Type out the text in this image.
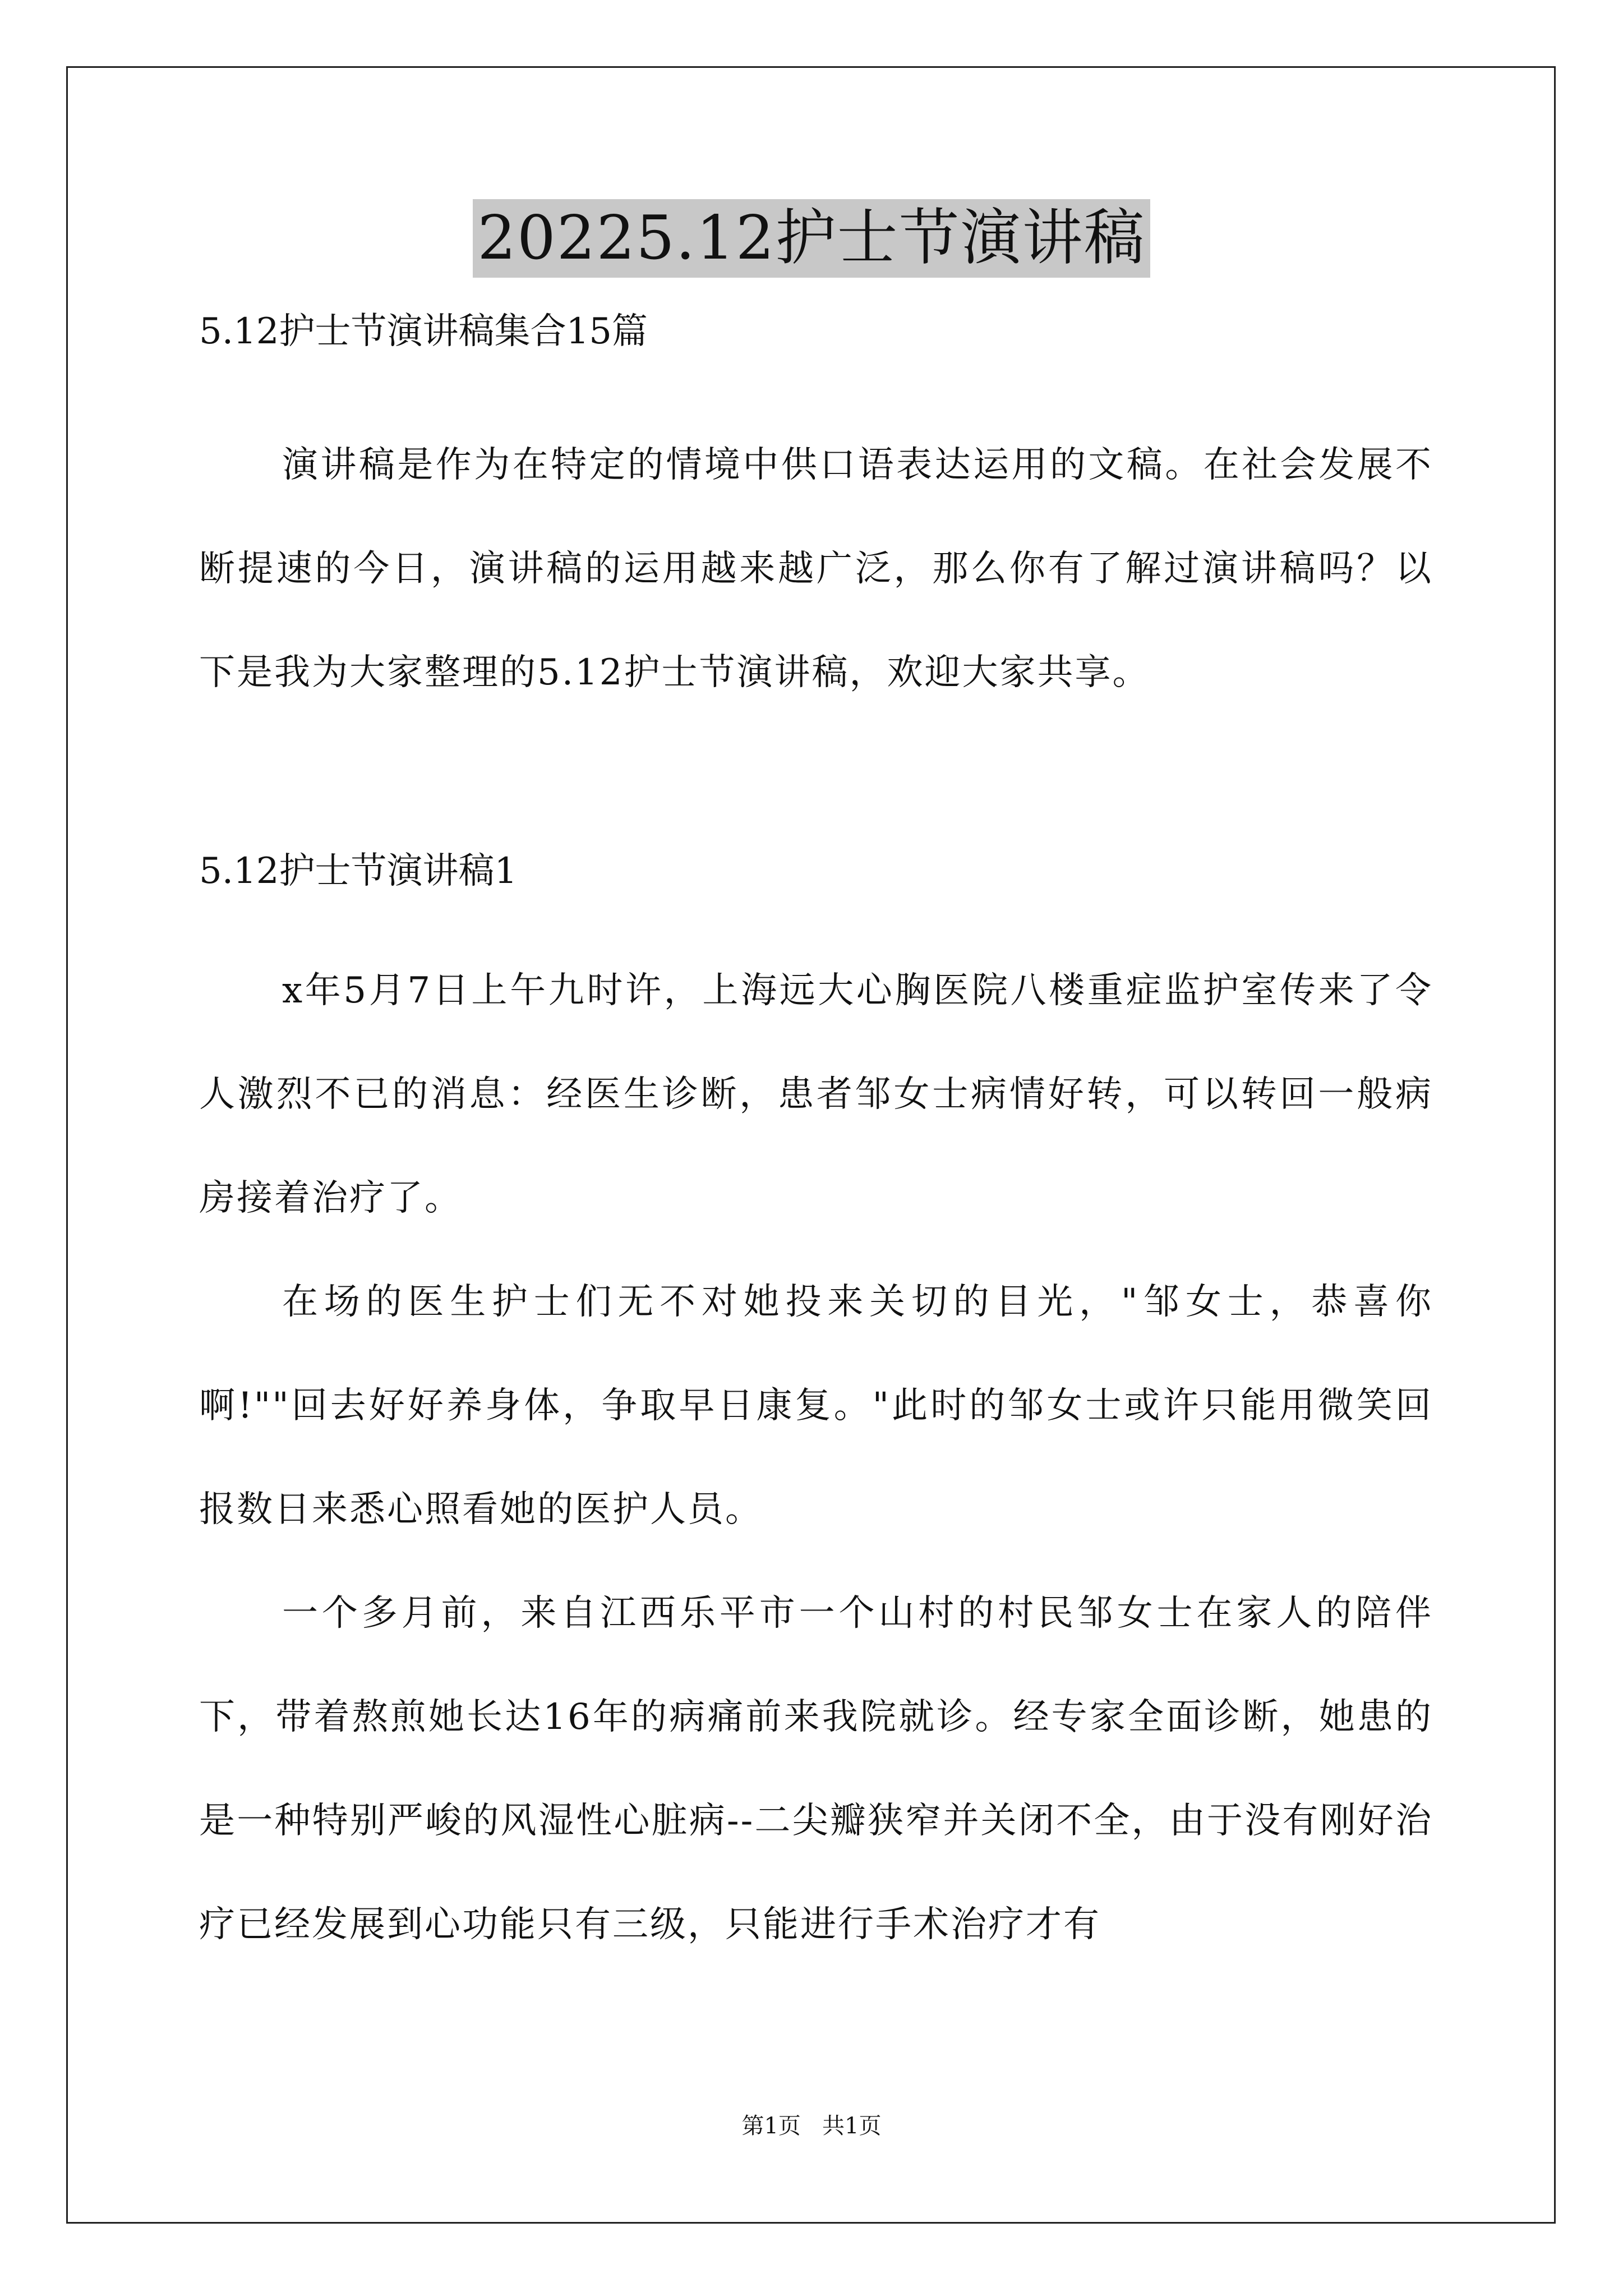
20225.12护士节演讲稿

5.12护士节演讲稿集合15篇

演讲稿是作为在特定的情境中供口语表达运用的文稿。在社会发展不断提速的今日，演讲稿的运用越来越广泛，那么你有了解过演讲稿吗？以下是我为大家整理的5.12护士节演讲稿，欢迎大家共享。

5.12护士节演讲稿1

x年5月7日上午九时许，上海远大心胸医院八楼重症监护室传来了令人激烈不已的消息：经医生诊断，患者邹女士病情好转，可以转回一般病房接着治疗了。

在场的医生护士们无不对她投来关切的目光，"邹女士，恭喜你啊!""回去好好养身体，争取早日康复。"此时的邹女士或许只能用微笑回报数日来悉心照看她的医护人员。

一个多月前，来自江西乐平市一个山村的村民邹女士在家人的陪伴下，带着熬煎她长达16年的病痛前来我院就诊。经专家全面诊断，她患的是一种特别严峻的风湿性心脏病--二尖瓣狭窄并关闭不全，由于没有刚好治疗已经发展到心功能只有三级，只能进行手术治疗才有

第1页   共1页
